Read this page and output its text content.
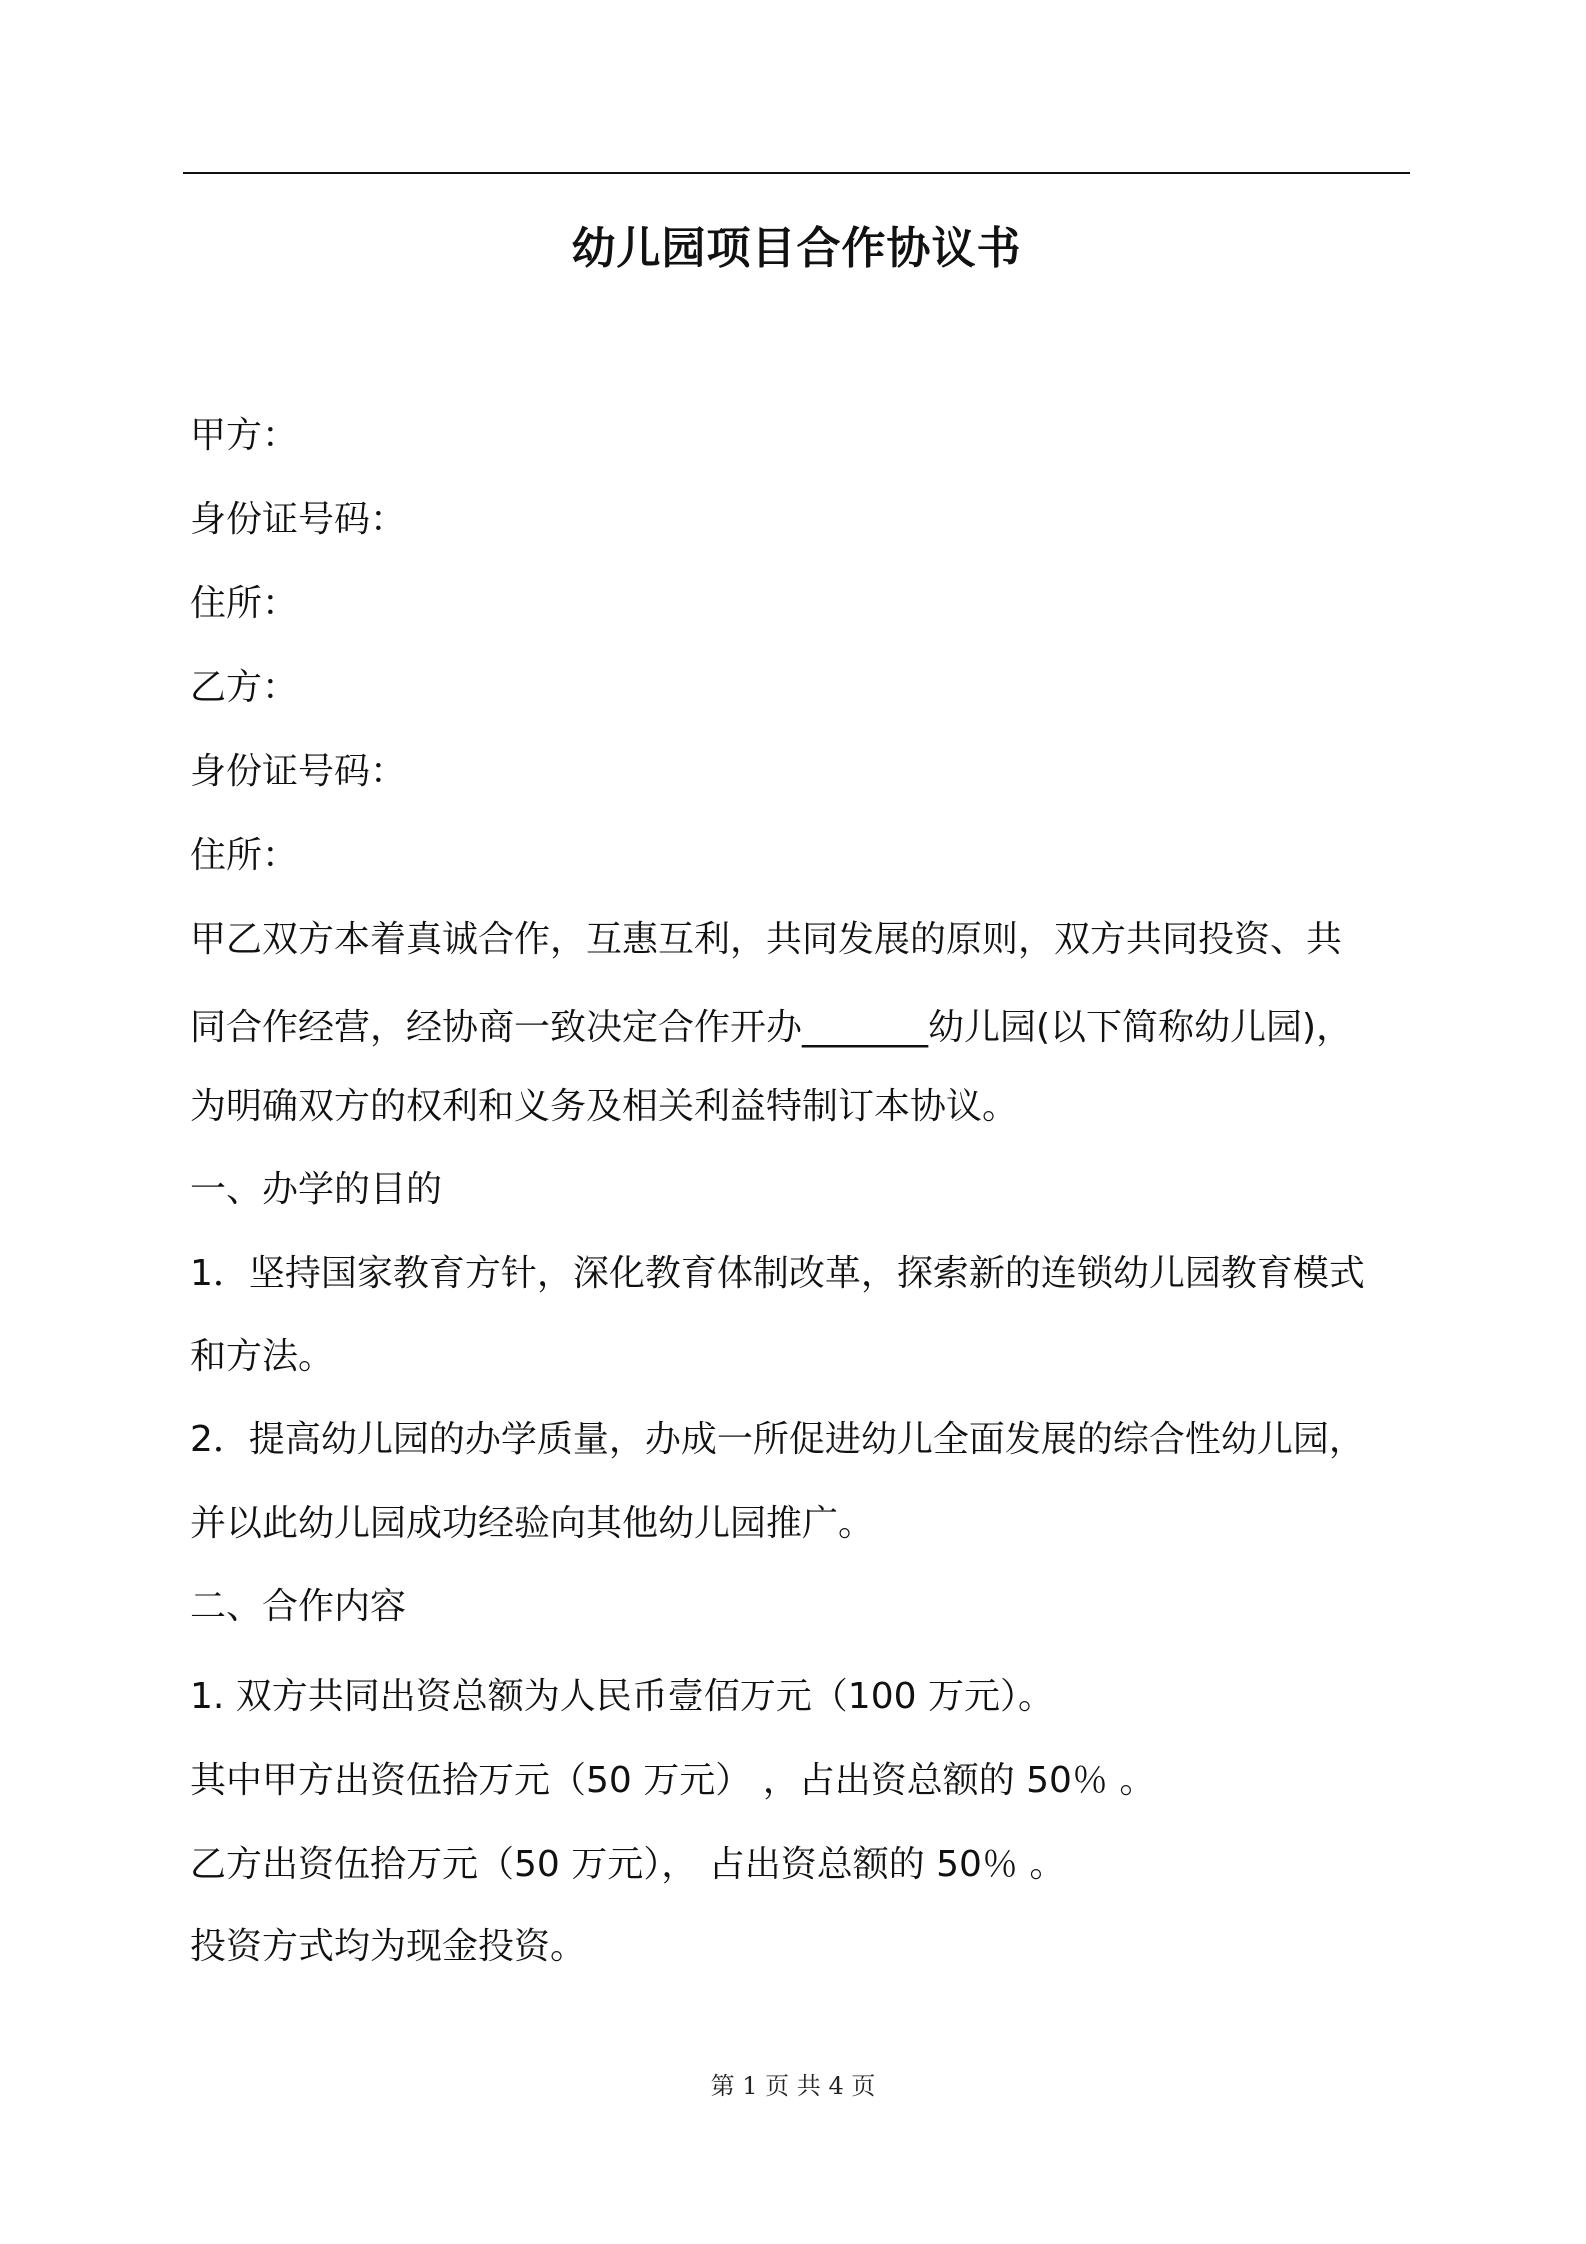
幼儿园项目合作协议书
甲方：
身份证号码：
住所：
乙方：
身份证号码：
住所：
甲乙双方本着真诚合作，互惠互利，共同发展的原则，双方共同投资、共
同合作经营，经协商一致决定合作开办_______幼儿园(以下简称幼儿园)，
为明确双方的权利和义务及相关利益特制订本协议。
一、办学的目的
1．坚持国家教育方针，深化教育体制改革，探索新的连锁幼儿园教育模式
和方法。
2．提高幼儿园的办学质量，办成一所促进幼儿全面发展的综合性幼儿园，
并以此幼儿园成功经验向其他幼儿园推广。
二、合作内容
1. 双方共同出资总额为人民币壹佰万元（100 万元）。
其中甲方出资伍拾万元（50 万元） ，占出资总额的 50％ 。
乙方出资伍拾万元（50 万元）， 占出资总额的 50％ 。
投资方式均为现金投资。
第 1 页 共 4 页
